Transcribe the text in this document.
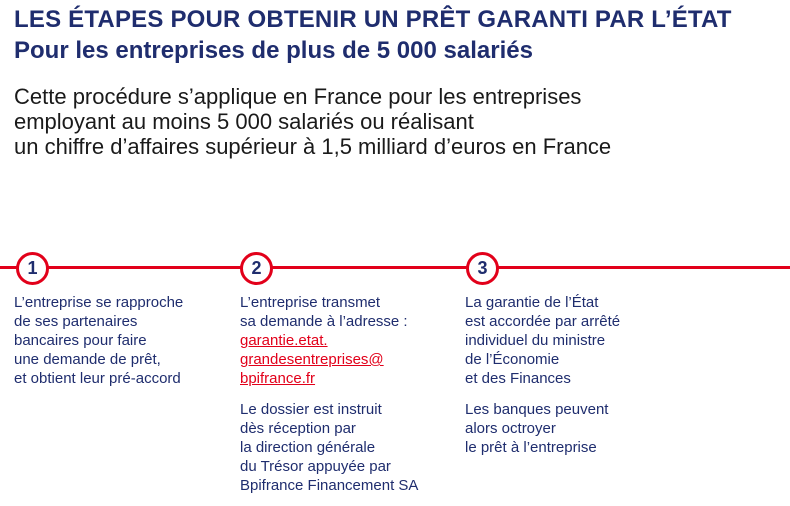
LES ÉTAPES POUR OBTENIR UN PRÊT GARANTI PAR L’ÉTAT
Pour les entreprises de plus de 5 000 salariés
Cette procédure s’applique en France pour les entreprises
employant au moins 5 000 salariés ou réalisant
un chiffre d’affaires supérieur à 1,5 milliard d’euros en France
1	2	3
L’entreprise se rapproche
de ses partenaires
bancaires pour faire
une demande de prêt,
et obtient leur pré-accord
L’entreprise transmet
sa demande à l’adresse :
garantie.etat.
grandesentreprises@
bpifrance.fr
Le dossier est instruit
dès réception par
la direction générale
du Trésor appuyée par
Bpifrance Financement SA
La garantie de l’État
est accordée par arrêté
individuel du ministre
de l’Économie
et des Finances
Les banques peuvent
alors octroyer
le prêt à l’entreprise
